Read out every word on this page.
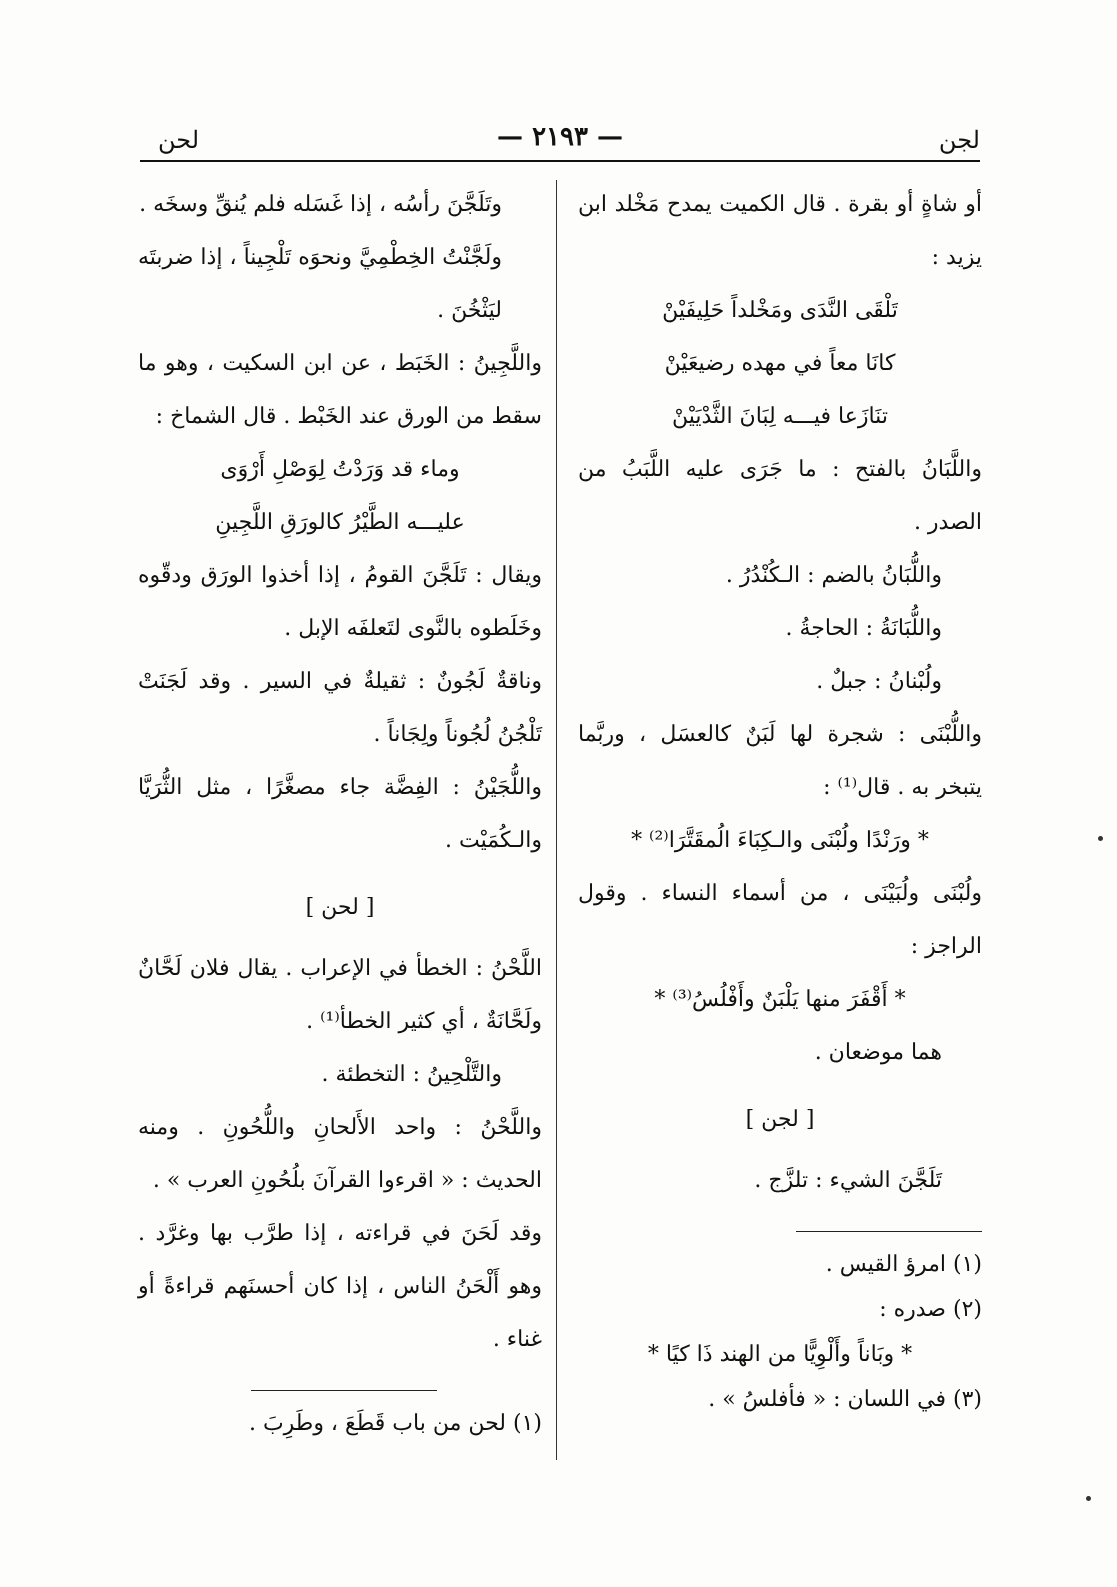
لجن
— ٢١٩٣ —
لحن

أو شاةٍ أو بقرة . قال الكميت يمدح مَخْلد ابن يزيد :

تَلْقَى النَّدَى ومَخْلداً حَلِيفَيْنْ

كانَا معاً في مهده رضيعَيْنْ

تنَازَعا فيـــه لِبَانَ الثَّدْيَيْنْ

واللَّبَانُ بالفتح : ما جَرَى عليه اللَّبَبُ من الصدر .

واللُّبَانُ بالضم : الـكُنْدُرُ .

واللُّبَانَةُ : الحاجةُ .

ولُبْنانُ : جبلٌ .

واللُّبْنَى : شجرة لها لَبَنٌ كالعسَل ، وربَّما يتبخر به . قال⁽¹⁾ :

* ورَنْدًا ولُبْنَى والـكِبَاءَ الُمقَتَّرَا⁽²⁾ *

ولُبْنَى ولُبَيْنَى ، من أسماء النساء . وقول الراجز :

* أَقْفَرَ منها يَلْبَنٌ وأَفْلُسُ⁽³⁾ *

هما موضعان .

[ لجن ]

تَلَجَّنَ الشيء : تلزَّج .

(١) امرؤ القيس .

(٢) صدره :

* وبَاناً وأَلْوِيًّا من الهند ذَا كيًا *

(٣) في اللسان : « فأفلسُ » .

وتَلَجَّنَ رأسُه ، إذا غَسَله فلم يُنقِّ وسخَه .

ولَجَّنْتُ الخِطْمِيَّ ونحوَه تَلْجِيناً ، إذا ضربتَه ليَثْخُنَ .

واللَّجِينُ : الخَبَط ، عن ابن السكيت ، وهو ما سقط من الورق عند الخَبْط . قال الشماخ :

وماء قد وَرَدْتُ لِوَصْلِ أَرْوَى

عليـــه الطَّيْرُ كالورَقِ اللَّجِينِ

ويقال : تَلَجَّنَ القومُ ، إذا أخذوا الورَق ودقّوه وخَلَطوه بالنَّوى لتَعلفَه الإبل .

وناقةٌ لَجُونٌ : ثقيلةٌ في السير . وقد لَجَنَتْ تَلْجُنُ لُجُوناً ولِجَاناً .

واللُّجَيْنُ : الفِضَّة جاء مصغَّرًا ، مثل الثُّرَيَّا والـكُمَيْت .

[ لحن ]

اللَّحْنُ : الخطأ في الإعراب . يقال فلان لَحَّانٌ ولَحَّانَةٌ ، أي كثير الخطأ⁽¹⁾ .

والتَّلْحِينُ : التخطئة .

واللَّحْنُ : واحد الأَلحانِ واللُّحُونِ . ومنه الحديث : « اقرءوا القرآنَ بلُحُونِ العرب » .

وقد لَحَنَ في قراءته ، إذا طرَّب بها وغرَّد . وهو أَلْحَنُ الناس ، إذا كان أحسنَهم قراءةً أو غناء .

(١) لحن من باب قَطَعَ ، وطَرِبَ .
